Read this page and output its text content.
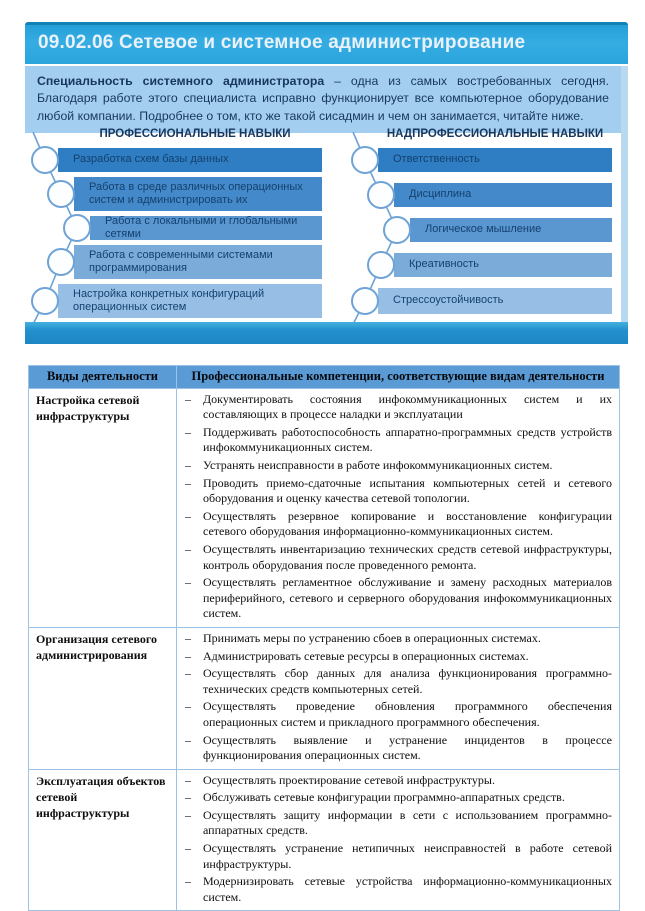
09.02.06 Сетевое и системное администрирование
Специальность системного администратора – одна из самых востребованных сегодня. Благодаря работе этого специалиста исправно функционирует все компьютерное оборудование любой компании. Подробнее о том, кто же такой сисадмин и чем он занимается, читайте ниже.
ПРОФЕССИОНАЛЬНЫЕ НАВЫКИ	НАДПРОФЕССИОНАЛЬНЫЕ НАВЫКИ
Разработка схем базы данных
Работа в среде различных операционных систем и администрировать их
Работа с локальными и глобальными сетями
Работа с современными системами программирования
Настройка конкретных конфигураций операционных систем
Ответственность
Дисциплина
Логическое мышление
Креативность
Стрессоустойчивость
Виды деятельности	Профессиональные компетенции, соответствующие видам деятельности
Настройка сетевой инфраструктуры	
– Документировать состояния инфокоммуникационных систем и их составляющих в процессе наладки и эксплуатации
– Поддерживать работоспособность аппаратно-программных средств устройств инфокоммуникационных систем.
– Устранять неисправности в работе инфокоммуникационных систем.
– Проводить приемо-сдаточные испытания компьютерных сетей и сетевого оборудования и оценку качества сетевой топологии.
– Осуществлять резервное копирование и восстановление конфигурации сетевого оборудования информационно-коммуникационных систем.
– Осуществлять инвентаризацию технических средств сетевой инфраструктуры, контроль оборудования после проведенного ремонта.
– Осуществлять регламентное обслуживание и замену расходных материалов периферийного, сетевого и серверного оборудования инфокоммуникационных систем.

Организация сетевого администрирования	
– Принимать меры по устранению сбоев в операционных системах.
– Администрировать сетевые ресурсы в операционных системах.
– Осуществлять сбор данных для анализа функционирования программно-технических средств компьютерных сетей.
– Осуществлять проведение обновления программного обеспечения операционных систем и прикладного программного обеспечения.
– Осуществлять выявление и устранение инцидентов в процессе функционирования операционных систем.

Эксплуатация объектов сетевой инфраструктуры	
– Осуществлять проектирование сетевой инфраструктуры.
– Обслуживать сетевые конфигурации программно-аппаратных средств.
– Осуществлять защиту информации в сети с использованием программно-аппаратных средств.
– Осуществлять устранение нетипичных неисправностей в работе сетевой инфраструктуры.
– Модернизировать сетевые устройства информационно-коммуникационных систем.
